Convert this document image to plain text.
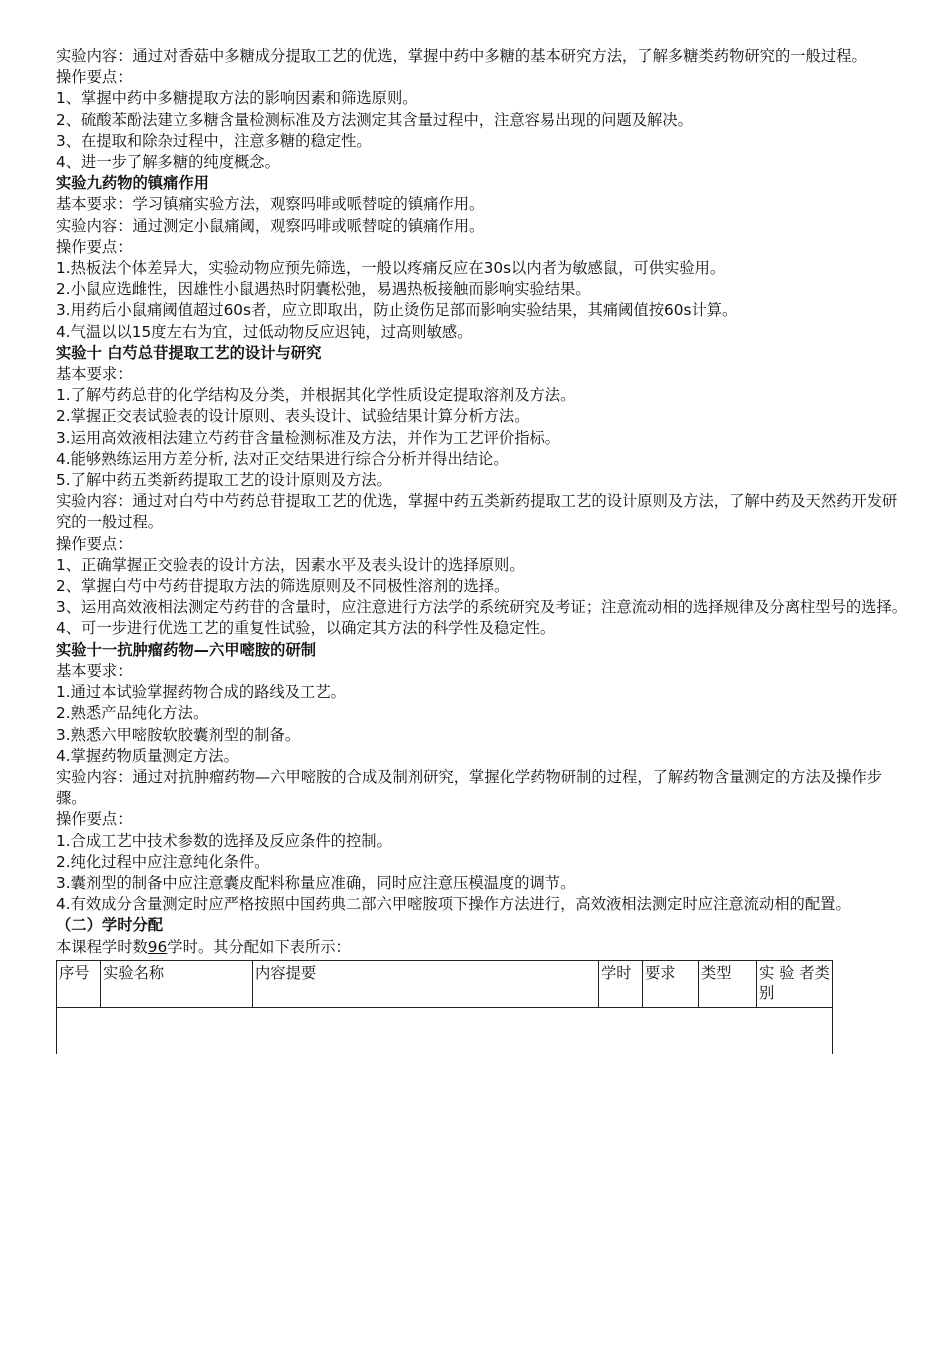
实验内容：通过对香菇中多糖成分提取工艺的优选，掌握中药中多糖的基本研究方法，了解多糖类药物研究的一般过程。

操作要点：

1、掌握中药中多糖提取方法的影响因素和筛选原则。

2、硫酸苯酚法建立多糖含量检测标准及方法测定其含量过程中，注意容易出现的问题及解决。

3、在提取和除杂过程中，注意多糖的稳定性。

4、进一步了解多糖的纯度概念。

实验九药物的镇痛作用

基本要求：学习镇痛实验方法，观察吗啡或哌替啶的镇痛作用。

实验内容：通过测定小鼠痛阈，观察吗啡或哌替啶的镇痛作用。

操作要点：

1.热板法个体差异大，实验动物应预先筛选，一般以疼痛反应在30s以内者为敏感鼠，可供实验用。

2.小鼠应选雌性，因雄性小鼠遇热时阴囊松弛，易遇热板接触而影响实验结果。

3.用药后小鼠痛阈值超过60s者，应立即取出，防止烫伤足部而影响实验结果，其痛阈值按60s计算。

4.气温以以15度左右为宜，过低动物反应迟钝，过高则敏感。

实验十 白芍总苷提取工艺的设计与研究

基本要求：

1.了解芍药总苷的化学结构及分类，并根据其化学性质设定提取溶剂及方法。

2.掌握正交表试验表的设计原则、表头设计、试验结果计算分析方法。

3.运用高效液相法建立芍药苷含量检测标准及方法，并作为工艺评价指标。

4.能够熟练运用方差分析, 法对正交结果进行综合分析并得出结论。

5.了解中药五类新药提取工艺的设计原则及方法。

实验内容：通过对白芍中芍药总苷提取工艺的优选，掌握中药五类新药提取工艺的设计原则及方法，了解中药及天然药开发研究的一般过程。

操作要点：

1、正确掌握正交验表的设计方法，因素水平及表头设计的选择原则。

2、掌握白芍中芍药苷提取方法的筛选原则及不同极性溶剂的选择。

3、运用高效液相法测定芍药苷的含量时，应注意进行方法学的系统研究及考证；注意流动相的选择规律及分离柱型号的选择。

4、可一步进行优选工艺的重复性试验，以确定其方法的科学性及稳定性。

实验十一抗肿瘤药物—六甲嘧胺的研制

基本要求：

1.通过本试验掌握药物合成的路线及工艺。

2.熟悉产品纯化方法。

3.熟悉六甲嘧胺软胶囊剂型的制备。

4.掌握药物质量测定方法。

实验内容：通过对抗肿瘤药物—六甲嘧胺的合成及制剂研究，掌握化学药物研制的过程，了解药物含量测定的方法及操作步骤。

操作要点：

1.合成工艺中技术参数的选择及反应条件的控制。

2.纯化过程中应注意纯化条件。

3.囊剂型的制备中应注意囊皮配料称量应准确，同时应注意压模温度的调节。

4.有效成分含量测定时应严格按照中国药典二部六甲嘧胺项下操作方法进行，高效液相法测定时应注意流动相的配置。

（二）学时分配

本课程学时数96学时。其分配如下表所示：

序号	实验名称	内容提要	学时	要求	类型	实 验 者类别
